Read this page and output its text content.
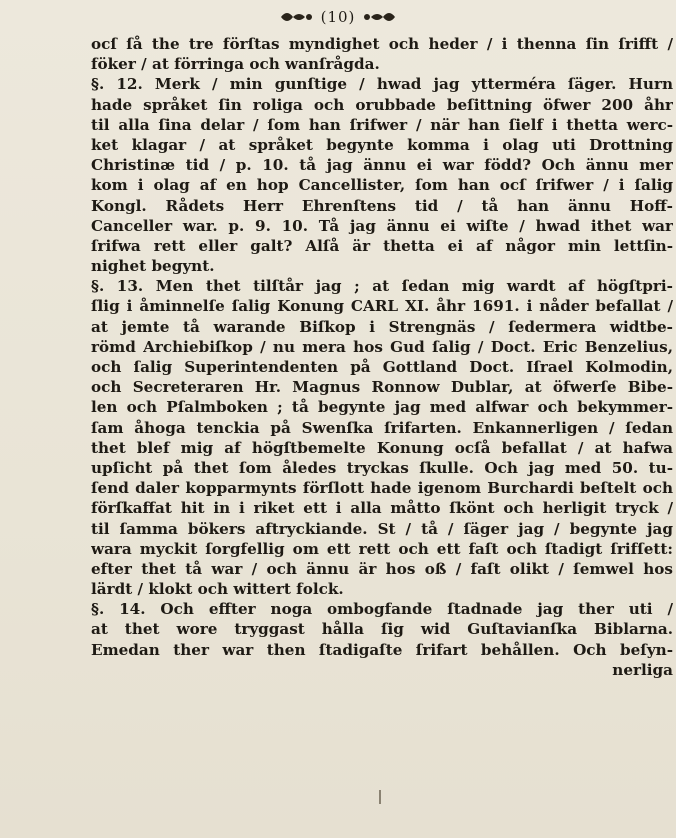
(10)
ocſ ſå the tre förſtas myndighet och heder / i thenna ſin ſrifft /
föker / at förringa och wanſrågda.
§. 12. Merk / min gunſtige / hwad jag ytterméra ſäger. Hurn
hade språket ſin roliga och orubbade beſittning öfwer 200 åhr
til alla ſina delar / ſom han ſrifwer / när han ſielf i thetta werc-
ket klagar / at språket begynte komma i olag uti Drottning
Christinæ tid / p. 10. tå jag ännu ei war född? Och ännu mer
kom i olag af en hop Cancellister, ſom han ocſ ſrifwer / i ſalig
Kongl. Rådets Herr Ehrenſtens tid / tå han ännu Hoff-
Canceller war. p. 9. 10. Tå jag ännu ei wiſte / hwad ithet war
ſrifwa rett eller galt? Alſå är thetta ei af någor min lettſin-
nighet begynt.
§. 13. Men thet tilſtår jag ; at ſedan mig wardt af högſtpri-
ſlig i åminnelſe ſalig Konung CARL XI. åhr 1691. i nåder befallat /
at jemte tå warande Biſkop i Strengnäs / ſedermera widtbe-
römd Archiebiſkop / nu mera hos Gud ſalig / Doct. Eric Benzelius,
och ſalig Superintendenten på Gottland Doct. Iſrael Kolmodin,
och Secreteraren Hr. Magnus Ronnow Dublar, at öfwerſe Bibe-
len och Pſalmboken ; tå begynte jag med alfwar och bekymmer-
ſam åhoga tenckia på Swenſka ſrifarten. Enkannerligen / ſedan
thet blef mig af högſtbemelte Konung ocſå befallat / at hafwa
upſicht på thet ſom åledes tryckas ſkulle. Och jag med 50. tu-
ſend daler kopparmynts förſlott hade igenom Burchardi beſtelt och
förſkaffat hit in i riket ett i alla måtto ſkönt och herligit tryck /
til ſamma bökers aftryckiande. St / tå / ſäger jag / begynte jag
wara myckit ſorgfellig om ett rett och ett faſt och ſtadigt ſrifſett:
efter thet tå war / och ännu är hos oß / faſt olikt / ſemwel hos
lärdt / klokt och wittert folck.
§. 14. Och effter noga ombogfande ſtadnade jag ther uti /
at thet wore tryggast hålla ſig wid Guſtavianſka Biblarna.
Emedan ther war then ſtadigaſte ſrifart behållen. Och beſyn-
nerliga
